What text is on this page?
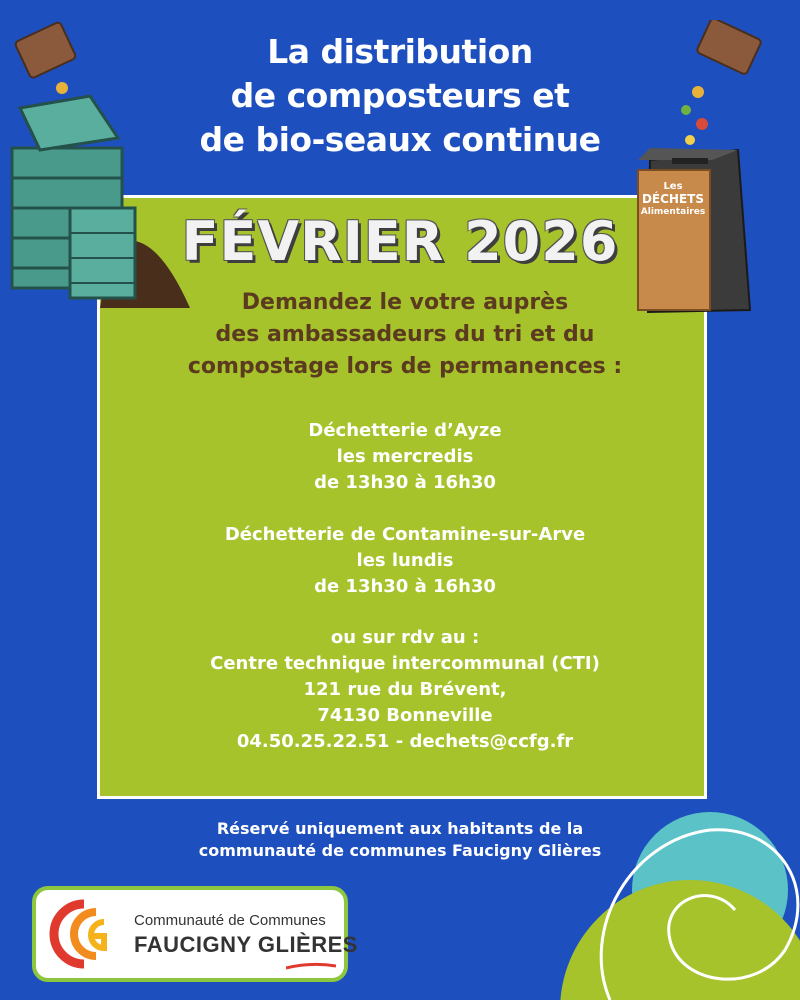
La distribution
de composteurs et
de bio-seaux continue
Les
DÉCHETS
Alimentaires
FÉVRIER 2026
Demandez le votre auprès
des ambassadeurs du tri et du
compostage lors de permanences :
Déchetterie d’Ayze
les mercredis
de 13h30 à 16h30
Déchetterie de Contamine-sur-Arve
les lundis
de 13h30 à 16h30
ou sur rdv au :
Centre technique intercommunal (CTI)
121 rue du Brévent,
74130 Bonneville
04.50.25.22.51 - dechets@ccfg.fr
Réservé uniquement aux habitants de la
communauté de communes Faucigny Glières
Communauté de Communes
FAUCIGNY GLIÈRES
